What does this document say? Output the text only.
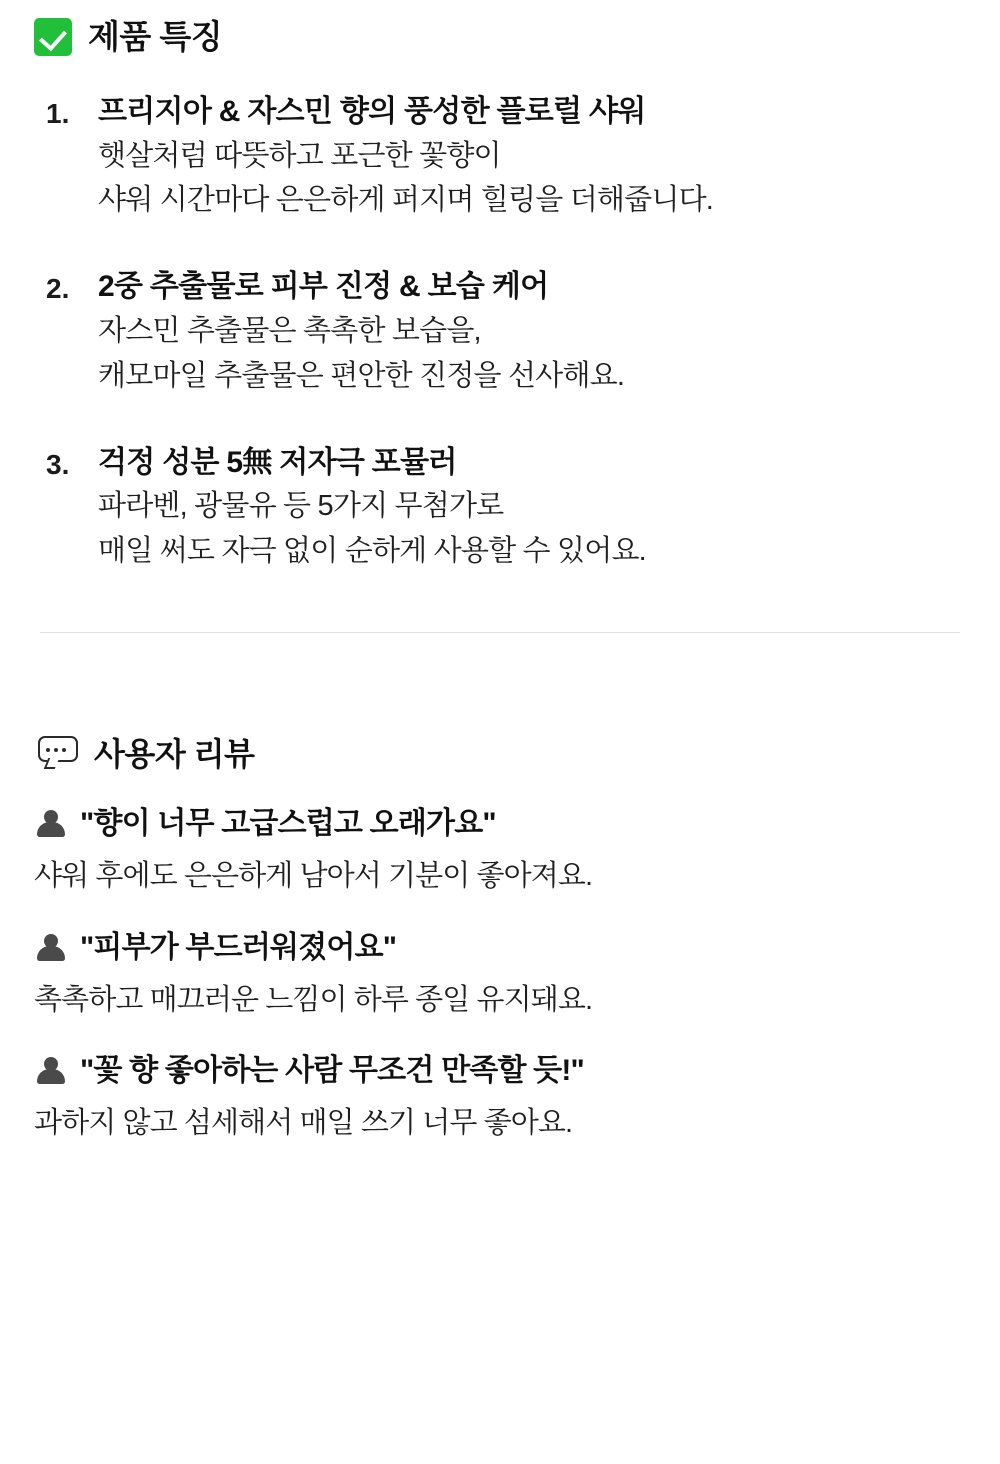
제품 특징
1. 프리지아 & 자스민 향의 풍성한 플로럴 샤워
햇살처럼 따뜻하고 포근한 꽃향이
샤워 시간마다 은은하게 퍼지며 힐링을 더해줍니다.
2. 2중 추출물로 피부 진정 & 보습 케어
자스민 추출물은 촉촉한 보습을,
캐모마일 추출물은 편안한 진정을 선사해요.
3. 걱정 성분 5無 저자극 포뮬러
파라벤, 광물유 등 5가지 무첨가로
매일 써도 자극 없이 순하게 사용할 수 있어요.
사용자 리뷰
"향이 너무 고급스럽고 오래가요"
샤워 후에도 은은하게 남아서 기분이 좋아져요.
"피부가 부드러워졌어요"
촉촉하고 매끄러운 느낌이 하루 종일 유지돼요.
"꽃 향 좋아하는 사람 무조건 만족할 듯!"
과하지 않고 섬세해서 매일 쓰기 너무 좋아요.
